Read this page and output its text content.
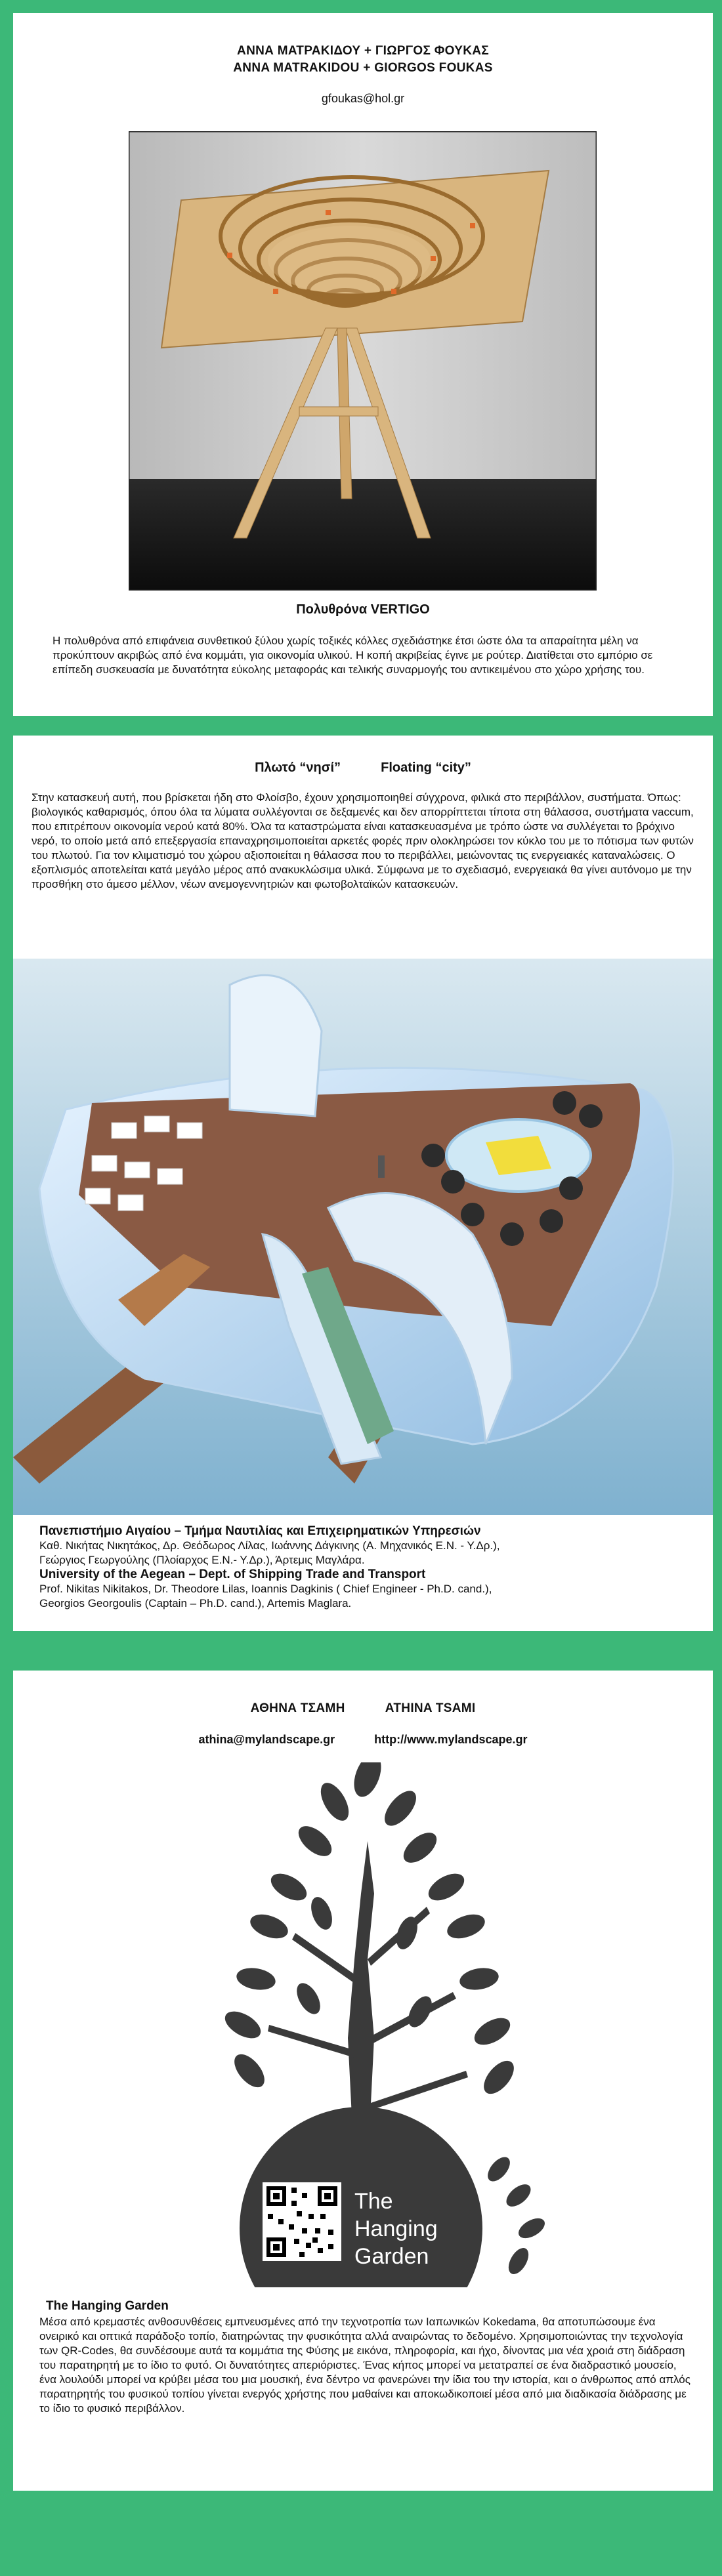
ΑΝΝΑ ΜΑΤΡΑΚΙΔΟΥ + ΓΙΩΡΓΟΣ ΦΟΥΚΑΣ
ANNA MATRAKIDOU + GIORGOS FOUKAS
gfoukas@hol.gr
Πολυθρόνα VERTIGO
Η πολυθρόνα από επιφάνεια συνθετικού ξύλου χωρίς τοξικές κόλλες σχεδιάστηκε έτσι ώστε όλα τα απαραίτητα μέλη να προκύπτουν ακριβώς από ένα κομμάτι, για οικονομία υλικού. Η κοπή ακριβείας έγινε με ρούτερ. Διατίθεται στο εμπόριο σε επίπεδη συσκευασία με δυνατότητα εύκολης μεταφοράς και τελικής συναρμογής του αντικειμένου στο χώρο χρήσης του.
Πλωτό “νησί”	Floating “city”
Στην κατασκευή αυτή, που βρίσκεται ήδη στο Φλοίσβο, έχουν χρησιμοποιηθεί σύγχρονα, φιλικά στο περιβάλλον, συστήματα. Όπως: βιολογικός καθαρισμός, όπου όλα τα λύματα συλλέγονται σε δεξαμενές και δεν απορρίπτεται τίποτα στη θάλασσα, συστήματα vaccum, που επιτρέπουν οικονομία νερού κατά 80%. Όλα τα καταστρώματα είναι κατασκευασμένα με τρόπο ώστε να συλλέγεται το βρόχινο νερό, το οποίο μετά από επεξεργασία επαναχρησιμοποιείται αρκετές φορές πριν ολοκληρώσει τον κύκλο του με το πότισμα των φυτών του πλωτού. Για τον κλιματισμό του χώρου αξιοποιείται η θάλασσα που το περιβάλλει, μειώνοντας τις ενεργειακές καταναλώσεις. Ο εξοπλισμός αποτελείται κατά μεγάλο μέρος από ανακυκλώσιμα υλικά. Σύμφωνα με το σχεδιασμό, ενεργειακά θα γίνει αυτόνομο με την προσθήκη στο άμεσο μέλλον, νέων ανεμογεννητριών και φωτοβολταϊκών κατασκευών.
Πανεπιστήμιο Αιγαίου – Τμήμα Ναυτιλίας και Επιχειρηματικών Υπηρεσιών
Καθ. Νικήτας Νικητάκος, Δρ. Θεόδωρος Λίλας, Ιωάννης Δάγκινης (Α. Μηχανικός Ε.Ν. - Υ.Δρ.),
Γεώργιος Γεωργούλης (Πλοίαρχος Ε.Ν.- Υ.Δρ.), Άρτεμις Μαγλάρα.
University of the Aegean – Dept. of Shipping Trade and Transport
Prof. Nikitas Nikitakos, Dr. Theodore Lilas, Ioannis Dagkinis ( Chief Engineer - Ph.D. cand.),
Georgios Georgoulis (Captain – Ph.D. cand.), Artemis Maglara.
ΑΘΗΝΑ ΤΣΑΜΗ	ATHINA TSAMI
athina@mylandscape.gr	http://www.mylandscape.gr
The
Hanging
Garden
The Hanging Garden
Μέσα από κρεμαστές ανθοσυνθέσεις εμπνευσμένες από την τεχνοτροπία των Ιαπωνικών Kokedama, θα αποτυπώσουμε ένα ονειρικό και οπτικά παράδοξο τοπίο, διατηρώντας την φυσικότητα αλλά αναιρώντας το δεδομένο. Χρησιμοποιώντας την τεχνολογία των QR-Codes, θα συνδέσουμε αυτά τα κομμάτια της Φύσης με εικόνα, πληροφορία, και ήχο, δίνοντας μια νέα χροιά στη διάδραση του παρατηρητή με το ίδιο το φυτό. Οι δυνατότητες απεριόριστες. Ένας κήπος μπορεί να μετατραπεί σε ένα διαδραστικό μουσείο, ένα λουλούδι μπορεί να κρύβει μέσα του μια μουσική, ένα δέντρο να φανερώνει την ίδια του την ιστορία, και ο άνθρωπος από απλός παρατηρητής του φυσικού τοπίου γίνεται ενεργός χρήστης που μαθαίνει και αποκωδικοποιεί μέσα από μια διαδικασία διάδρασης με το ίδιο το φυσικό περιβάλλον.
